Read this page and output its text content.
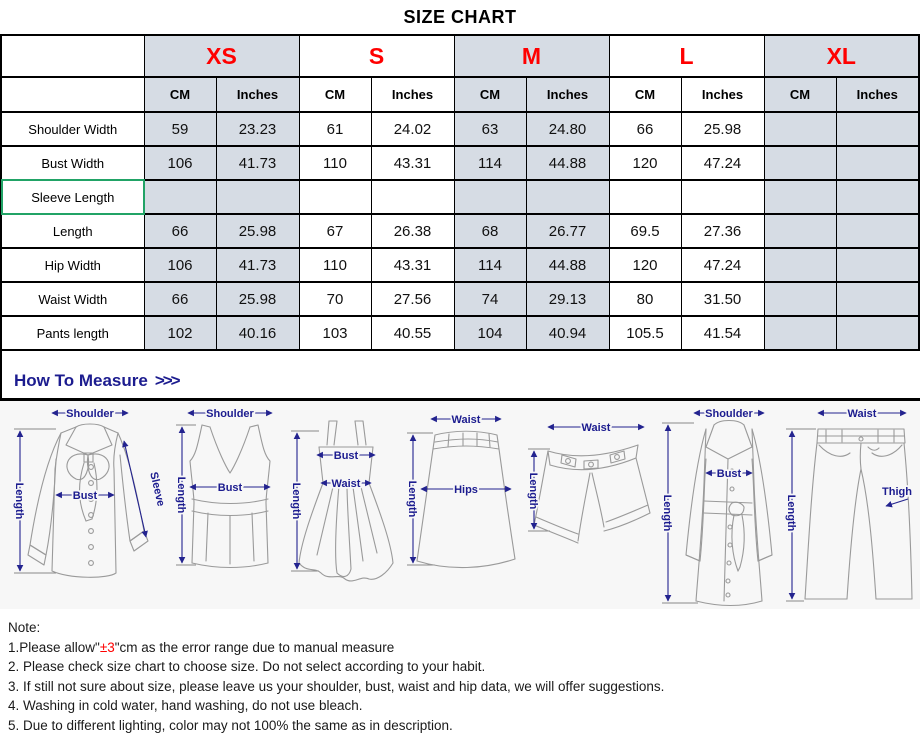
SIZE CHART
	XS		S		M		L		XL	
	CM	Inches	CM	Inches	CM	Inches	CM	Inches	CM	Inches
Shoulder Width	59	23.23	61	24.02	63	24.80	66	25.98		
Bust Width	106	41.73	110	43.31	114	44.88	120	47.24		
Sleeve Length										
Length	66	25.98	67	26.38	68	26.77	69.5	27.36		
Hip Width	106	41.73	110	43.31	114	44.88	120	47.24		
Waist Width	66	25.98	70	27.56	74	29.13	80	31.50		
Pants length	102	40.16	103	40.55	104	40.94	105.5	41.54		
How To Measure >>>
Shoulder
Length	Bust	Sleeve
Shoulder
Length	Bust	Length
Bust
Waist
Waist
Length	Hips
Waist
Length
Shoulder
Length
Bust
Waist
Length
Thigh
Note:
1.Please allow"±3"cm as the error range due to manual measure
2. Please check size chart to choose size. Do not select according to your habit.
3. If still not sure about size, please leave us your shoulder, bust, waist and hip data, we will offer suggestions.
4. Washing in cold water, hand washing, do not use bleach.
5. Due to different lighting, color may not 100% the same as in description.
